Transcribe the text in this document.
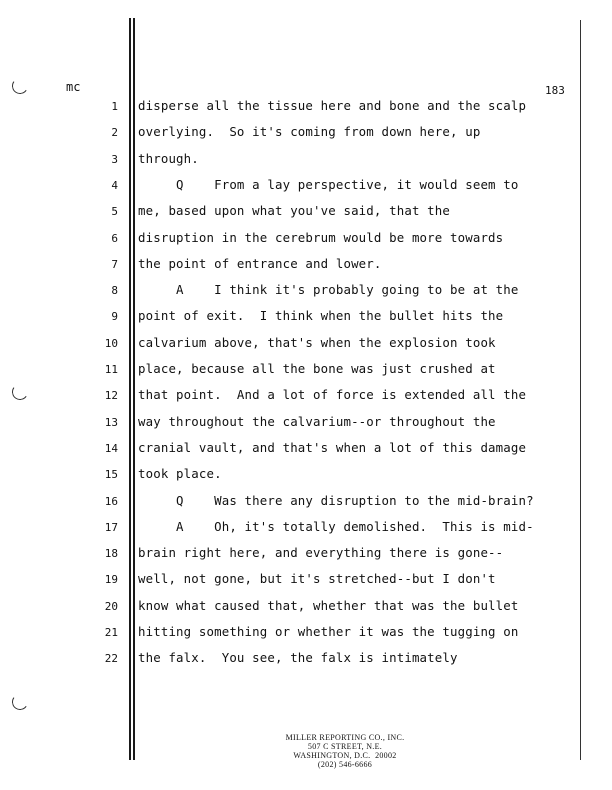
mc	183
1 disperse all the tissue here and bone and the scalp
2 overlying.  So it's coming from down here, up
3 through.
4 Q    From a lay perspective, it would seem to
5 me, based upon what you've said, that the
6 disruption in the cerebrum would be more towards
7 the point of entrance and lower.
8 A    I think it's probably going to be at the
9 point of exit.  I think when the bullet hits the
10 calvarium above, that's when the explosion took
11 place, because all the bone was just crushed at
12 that point.  And a lot of force is extended all the
13 way throughout the calvarium--or throughout the
14 cranial vault, and that's when a lot of this damage
15 took place.
16 Q    Was there any disruption to the mid-brain?
17 A    Oh, it's totally demolished.  This is mid-
18 brain right here, and everything there is gone--
19 well, not gone, but it's stretched--but I don't
20 know what caused that, whether that was the bullet
21 hitting something or whether it was the tugging on
22 the falx.  You see, the falx is intimately
MILLER REPORTING CO., INC.
507 C STREET, N.E.
WASHINGTON, D.C.  20002
(202) 546-6666
